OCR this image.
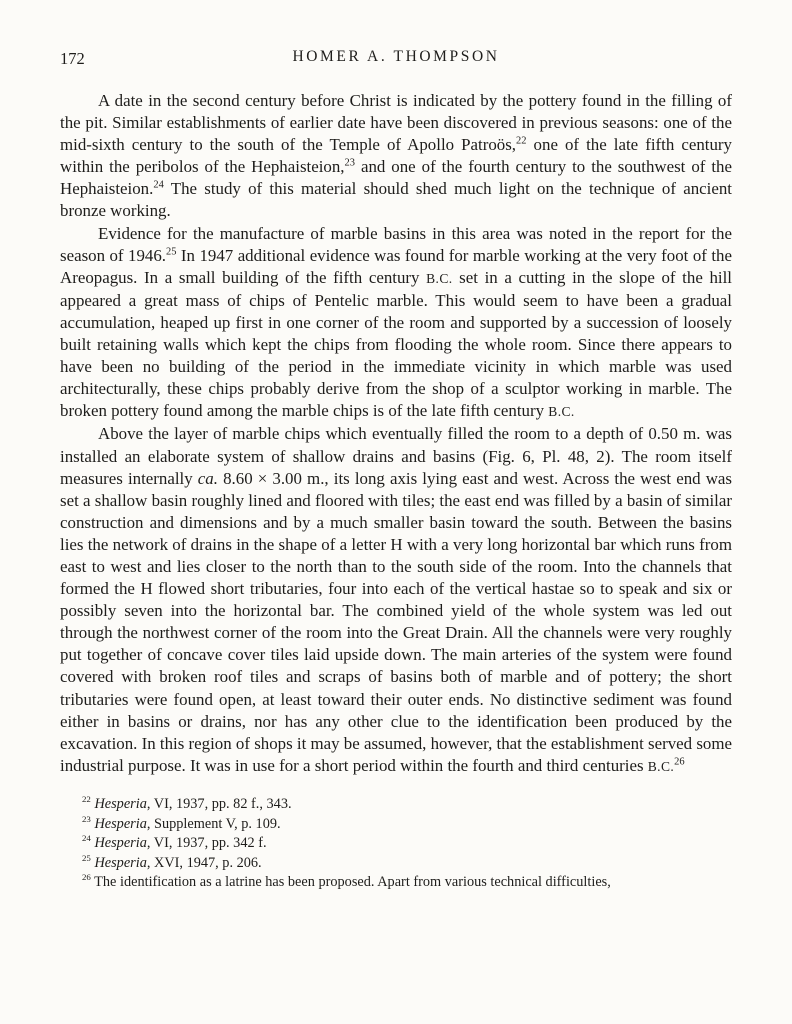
172	HOMER A. THOMPSON

A date in the second century before Christ is indicated by the pottery found in the filling of the pit. Similar establishments of earlier date have been discovered in previous seasons: one of the mid-sixth century to the south of the Temple of Apollo Patroös,$^{22}$ one of the late fifth century within the peribolos of the Hephaisteion,$^{23}$ and one of the fourth century to the southwest of the Hephaisteion.$^{24}$ The study of this material should shed much light on the technique of ancient bronze working.

Evidence for the manufacture of marble basins in this area was noted in the report for the season of 1946.25 In 1947 additional evidence was found for marble working at the very foot of the Areopagus. In a small building of the fifth century B.C. set in a cutting in the slope of the hill appeared a great mass of chips of Pentelic marble. This would seem to have been a gradual accumulation, heaped up first in one corner of the room and supported by a succession of loosely built retaining walls which kept the chips from flooding the whole room. Since there appears to have been no building of the period in the immediate vicinity in which marble was used architecturally, these chips probably derive from the shop of a sculptor working in marble. The broken pottery found among the marble chips is of the late fifth century B.C.

Above the layer of marble chips which eventually filled the room to a depth of 0.50 m. was installed an elaborate system of shallow drains and basins (Fig. 6, Pl. 48, 2). The room itself measures internally ca. 8.60 × 3.00 m., its long axis lying east and west. Across the west end was set a shallow basin roughly lined and floored with tiles; the east end was filled by a basin of similar construction and dimensions and by a much smaller basin toward the south. Between the basins lies the network of drains in the shape of a letter H with a very long horizontal bar which runs from east to west and lies closer to the north than to the south side of the room. Into the channels that formed the H flowed short tributaries, four into each of the vertical hastae so to speak and six or possibly seven into the horizontal bar. The combined yield of the whole system was led out through the northwest corner of the room into the Great Drain. All the channels were very roughly put together of concave cover tiles laid upside down. The main arteries of the system were found covered with broken roof tiles and scraps of basins both of marble and of pottery; the short tributaries were found open, at least toward their outer ends. No distinctive sediment was found either in basins or drains, nor has any other clue to the identification been produced by the excavation. In this region of shops it may be assumed, however, that the establishment served some industrial purpose. It was in use for a short period within the fourth and third centuries B.C.$^{26}$

$^{22}$ Hesperia, VI, 1937, pp. 82 f., 343.

$^{23}$ Hesperia, Supplement V, p. 109.

$^{24}$ Hesperia, VI, 1937, pp. 342 f.

$^{25}$ Hesperia, XVI, 1947, p. 206.

$^{26}$ The identification as a latrine has been proposed. Apart from various technical difficulties,
